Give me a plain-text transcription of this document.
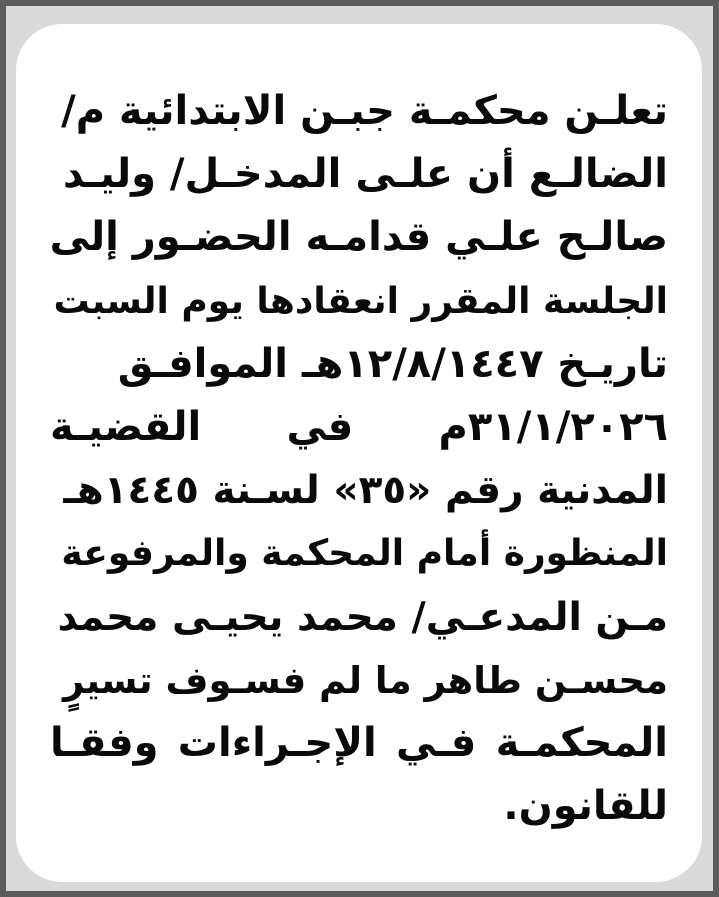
تعلـن محكمـة جبـن الابتدائية م/
الضالـع أن علـى المدخـل/ وليـد
صالـح علـي قدامـه الحضـور إلى
الجلسة المقرر انعقادها يوم السبت
تاريـخ ١٢/٨/١٤٤٧هـ الموافـق
٣١/١/٢٠٢٦م في القضيـة
المدنية رقم «٣٥» لسـنة ١٤٤٥هـ
المنظورة أمام المحكمة والمرفوعة
مـن المدعـي/ محمد يحيـى محمد
محسـن طاهر ما لم فسـوف تسيرٍ
المحكمـة فـي الإجـراءات وفقـا
للقانون.
